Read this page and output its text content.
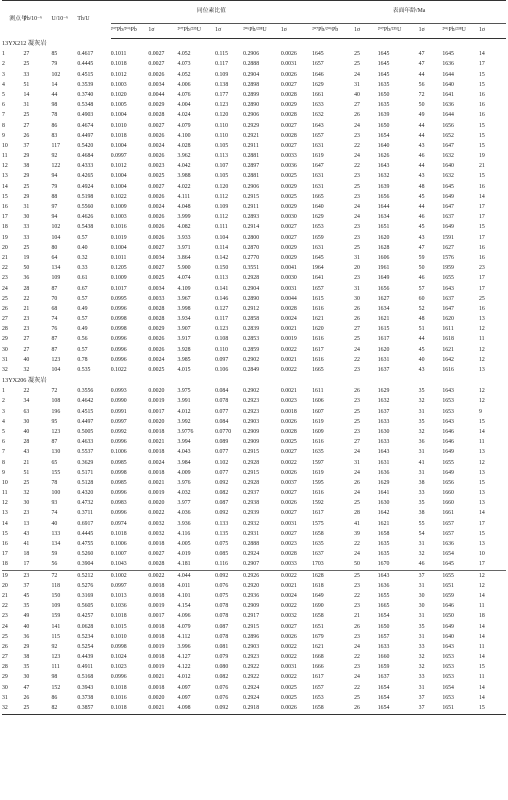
测点号	Pb/10⁻⁶	U/10⁻⁶	Th/U	同位素比值						表面年龄/Ma					
				²⁰⁷Pb/²⁰⁶Pb	1σ	²⁰⁷Pb/²³⁵U	1σ	²⁰⁶Pb/²³⁸U	1σ	²⁰⁷Pb/²⁰⁶Pb	1σ	²⁰⁷Pb/²³⁵U	1σ	²⁰⁶Pb/²³⁸U	1σ
13YX212 凝灰岩															
1	27	85	0.4617	0.1011	0.0027	4.052	0.115	0.2906	0.0026	1645	25	1645	47	1645	14
2	25	79	0.4445	0.1018	0.0027	4.073	0.117	0.2888	0.0031	1657	25	1645	47	1636	17
3	33	102	0.4515	0.1012	0.0026	4.052	0.109	0.2904	0.0026	1646	24	1645	44	1644	15
4	51	14	0.3539	0.1003	0.0034	4.006	0.138	0.2898	0.0027	1629	31	1635	56	1640	15
5	14	44	0.3740	0.1020	0.0044	4.076	0.177	0.2899	0.0028	1661	40	1650	72	1641	16
6	31	98	0.5348	0.1005	0.0029	4.004	0.123	0.2890	0.0029	1633	27	1635	50	1636	16
7	25	78	0.4903	0.1004	0.0028	4.024	0.120	0.2906	0.0028	1632	26	1639	49	1644	16
8	27	86	0.4674	0.1010	0.0027	4.079	0.110	0.2929	0.0027	1643	24	1650	44	1656	15
9	26	83	0.4497	0.1018	0.0026	4.100	0.110	0.2921	0.0028	1657	23	1654	44	1652	15
10	37	117	0.5420	0.1004	0.0024	4.028	0.105	0.2911	0.0027	1631	22	1640	43	1647	15
11	29	92	0.4684	0.0997	0.0026	3.962	0.113	0.2881	0.0033	1619	24	1626	46	1632	19
12	38	122	0.4333	0.1012	0.0023	4.042	0.107	0.2897	0.0036	1647	22	1643	44	1640	21
13	29	94	0.4265	0.1004	0.0025	3.988	0.105	0.2881	0.0025	1631	23	1632	43	1632	15
14	25	79	0.4924	0.1004	0.0027	4.022	0.120	0.2906	0.0029	1631	25	1639	48	1645	16
15	29	88	0.5198	0.1022	0.0026	4.111	0.112	0.2915	0.0025	1665	23	1656	45	1649	14
16	31	97	0.5560	0.1009	0.0024	4.048	0.109	0.2911	0.0029	1640	24	1644	44	1647	17
17	30	94	0.4626	0.1003	0.0026	3.999	0.112	0.2893	0.0030	1629	24	1634	46	1637	17
18	33	102	0.5438	0.1016	0.0026	4.082	0.111	0.2914	0.0027	1653	23	1651	45	1649	15
19	33	104	0.57	0.1019	0.0026	3.933	0.104	0.2800	0.0027	1659	23	1620	43	1591	17
20	25	80	0.40	0.1004	0.0027	3.971	0.114	0.2870	0.0029	1631	25	1628	47	1627	16
21	19	64	0.32	0.1011	0.0034	3.864	0.142	0.2770	0.0029	1645	31	1606	59	1576	16
22	50	134	0.33	0.1205	0.0027	5.900	0.150	0.3551	0.0041	1964	20	1961	50	1959	23
23	36	109	0.61	0.1009	0.0025	4.074	0.113	0.2928	0.0030	1641	23	1649	46	1655	17
24	28	87	0.67	0.1017	0.0034	4.109	0.141	0.2904	0.0031	1657	31	1656	57	1643	17
25	22	70	0.57	0.0995	0.0033	3.967	0.146	0.2890	0.0044	1615	30	1627	60	1637	25
26	21	68	0.49	0.0996	0.0028	3.998	0.127	0.2912	0.0028	1616	26	1634	52	1647	16
27	23	74	0.57	0.0998	0.0028	3.934	0.117	0.2858	0.0024	1621	26	1621	48	1620	13
28	23	76	0.49	0.0998	0.0029	3.907	0.123	0.2839	0.0021	1620	27	1615	51	1611	12
29	27	87	0.56	0.0996	0.0026	3.917	0.108	0.2853	0.0019	1616	25	1617	44	1618	11
30	27	87	0.57	0.0996	0.0026	3.928	0.110	0.2859	0.0022	1617	24	1620	45	1621	12
31	40	123	0.78	0.0996	0.0024	3.985	0.097	0.2902	0.0021	1616	22	1631	40	1642	12
32	32	104	0.535	0.1022	0.0025	4.015	0.106	0.2849	0.0022	1665	23	1637	43	1616	13
13YX206 凝灰岩															
1	22	72	0.3556	0.0993	0.0020	3.975	0.084	0.2902	0.0021	1611	26	1629	35	1643	12
2	34	108	0.4642	0.0990	0.0019	3.991	0.078	0.2923	0.0023	1606	23	1632	32	1653	12
3	63	196	0.4515	0.0991	0.0017	4.012	0.077	0.2923	0.0018	1607	25	1637	31	1653	9
4	30	95	0.4497	0.0997	0.0020	3.992	0.084	0.2903	0.0026	1619	25	1633	35	1643	15
5	40	123	0.5005	0.0992	0.0018	3.9776	0.0770	0.2909	0.0028	1609	23	1630	32	1646	14
6	28	87	0.4633	0.0996	0.0021	3.994	0.089	0.2909	0.0025	1616	27	1633	36	1646	11
7	43	130	0.5537	0.1006	0.0018	4.043	0.077	0.2915	0.0027	1635	24	1643	31	1649	13
8	21	65	0.3629	0.0985	0.0024	3.984	0.102	0.2928	0.0022	1597	31	1631	41	1655	12
9	51	155	0.5171	0.0998	0.0018	4.009	0.077	0.2915	0.0026	1619	24	1636	31	1649	13
10	25	78	0.5128	0.0985	0.0021	3.976	0.092	0.2928	0.0037	1595	26	1629	38	1656	15
11	32	100	0.4320	0.0996	0.0019	4.032	0.082	0.2937	0.0027	1616	24	1641	33	1660	13
12	30	93	0.4732	0.0983	0.0020	3.977	0.087	0.2938	0.0026	1592	25	1630	35	1660	13
13	23	74	0.3711	0.0996	0.0022	4.036	0.092	0.2939	0.0027	1617	28	1642	38	1661	14
14	13	40	0.6917	0.0974	0.0032	3.936	0.133	0.2932	0.0031	1575	41	1621	55	1657	17
15	43	133	0.4445	0.1018	0.0032	4.116	0.135	0.2931	0.0027	1658	39	1658	54	1657	15
16	41	134	0.4755	0.1006	0.0018	4.005	0.075	0.2888	0.0023	1635	22	1635	31	1636	13
17	18	59	0.5260	0.1007	0.0027	4.019	0.085	0.2924	0.0028	1637	24	1635	32	1654	10
18	17	56	0.3904	0.1043	0.0028	4.181	0.116	0.2907	0.0033	1703	50	1670	46	1645	17
19	23	72	0.5212	0.1002	0.0022	4.044	0.092	0.2926	0.0022	1628	25	1643	37	1655	12
20	37	118	0.5276	0.0997	0.0018	4.011	0.076	0.2920	0.0021	1618	23	1636	31	1651	12
21	45	150	0.3169	0.1013	0.0018	4.101	0.075	0.2936	0.0024	1649	22	1655	30	1659	14
22	35	109	0.5605	0.1036	0.0019	4.154	0.078	0.2909	0.0022	1690	23	1665	30	1646	11
23	49	159	0.4257	0.1018	0.0017	4.096	0.078	0.2917	0.0032	1658	21	1654	31	1650	18
24	40	141	0.0628	0.1015	0.0018	4.079	0.087	0.2915	0.0027	1651	26	1650	35	1649	14
25	36	115	0.5234	0.1010	0.0018	4.112	0.078	0.2896	0.0026	1679	23	1657	31	1640	14
26	29	92	0.5254	0.0998	0.0019	3.996	0.081	0.2903	0.0022	1621	24	1633	33	1643	11
27	38	123	0.4439	0.1024	0.0018	4.127	0.079	0.2923	0.0022	1668	22	1660	32	1653	14
28	35	111	0.4911	0.1023	0.0019	4.122	0.080	0.2922	0.0031	1666	23	1659	32	1653	15
29	30	98	0.5168	0.0996	0.0021	4.012	0.082	0.2922	0.0022	1617	24	1637	33	1653	11
30	47	152	0.3943	0.1018	0.0018	4.097	0.076	0.2924	0.0025	1657	22	1654	31	1654	14
31	26	86	0.3738	0.1016	0.0020	4.097	0.076	0.2924	0.0025	1653	25	1654	37	1653	14
32	25	82	0.3857	0.1018	0.0021	4.098	0.092	0.2918	0.0026	1658	26	1654	37	1651	15
